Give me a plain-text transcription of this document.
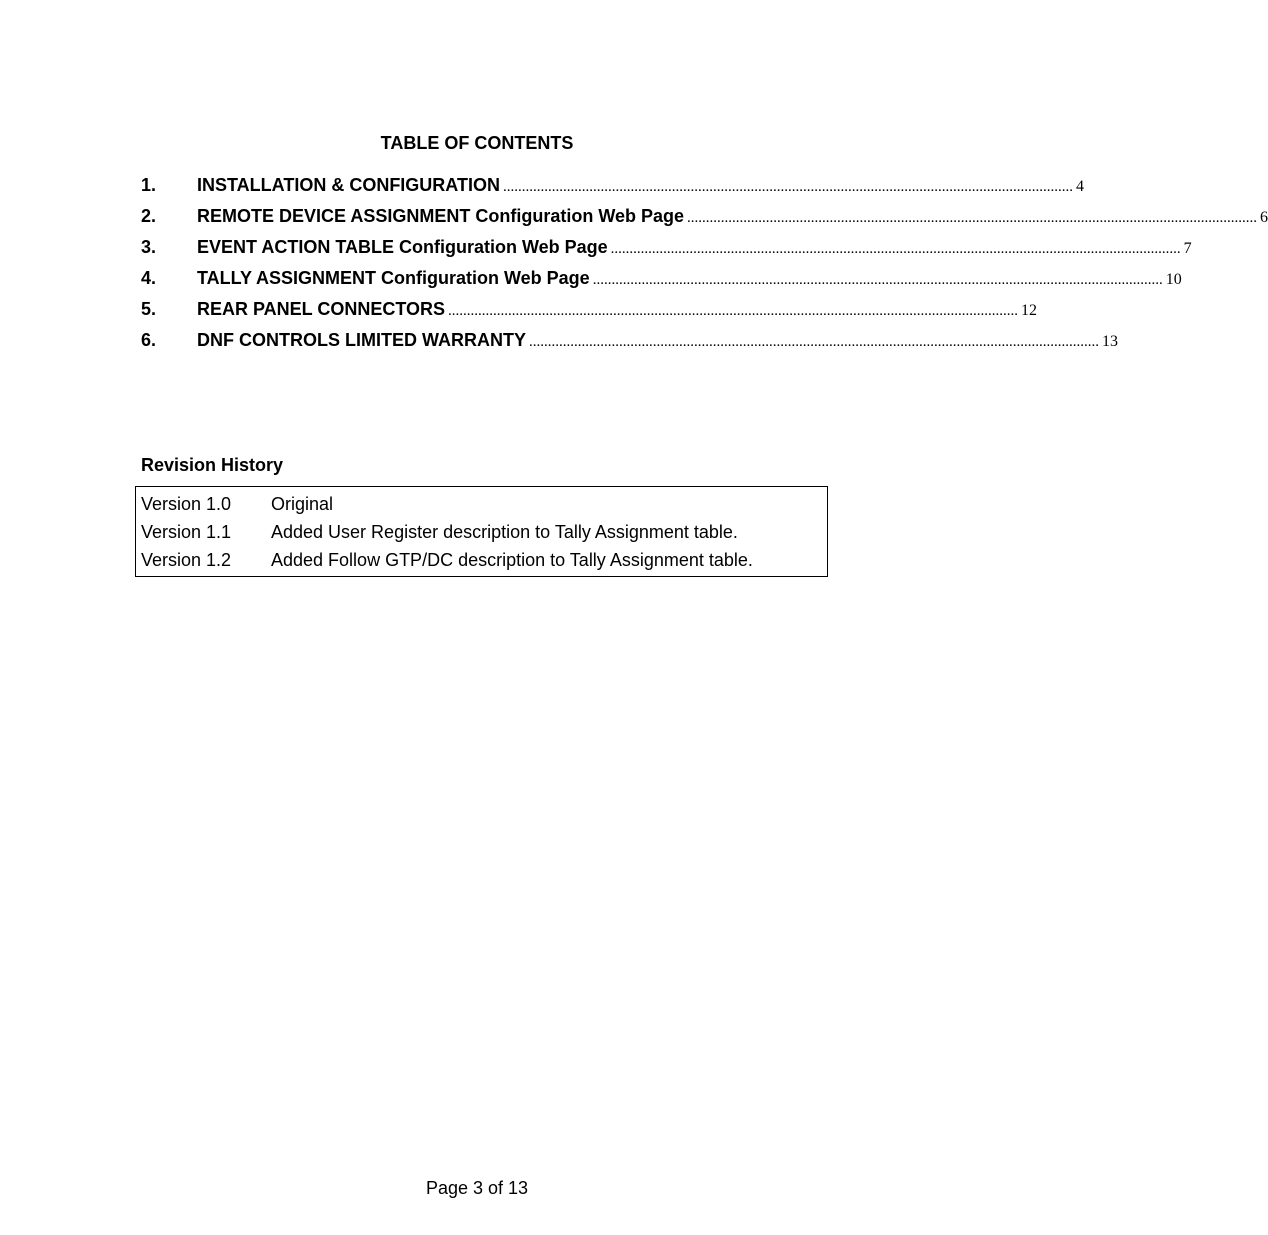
TABLE OF CONTENTS
1.	INSTALLATION & CONFIGURATION ........................................................................................................................................................ 4
2.	REMOTE DEVICE ASSIGNMENT Configuration Web Page ........................................................................................................................................................ 6
3.	EVENT ACTION TABLE Configuration Web Page ........................................................................................................................................................ 7
4.	TALLY ASSIGNMENT Configuration Web Page ........................................................................................................................................................ 10
5.	REAR PANEL CONNECTORS ........................................................................................................................................................ 12
6.	DNF CONTROLS LIMITED WARRANTY ........................................................................................................................................................ 13
Revision History
Version 1.0	Original
Version 1.1	Added User Register description to Tally Assignment table.
Version 1.2	Added Follow GTP/DC description to Tally Assignment table.
Page 3 of 13
